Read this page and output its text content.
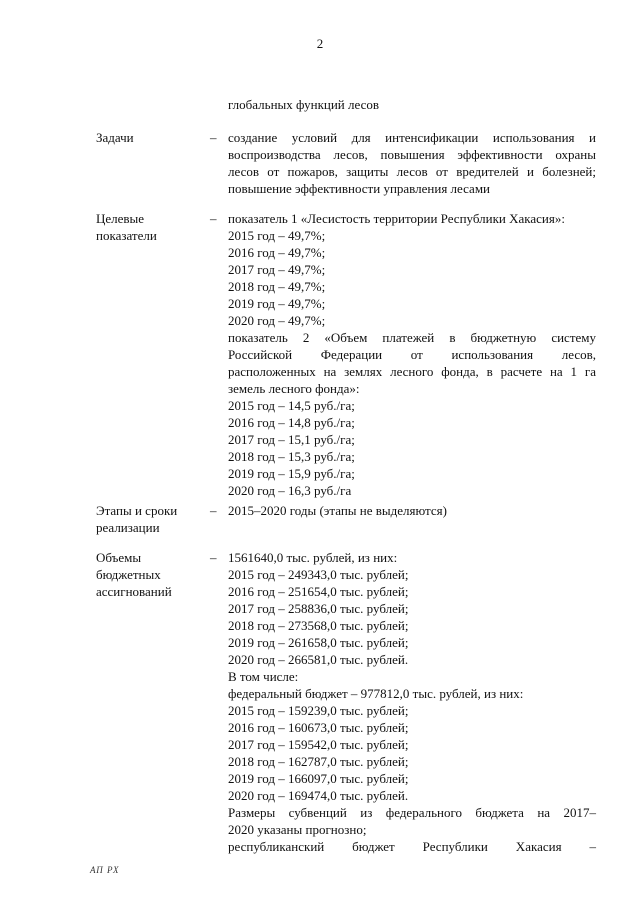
2
глобальных функций лесов
Задачи	– создание условий для интенсификации использования и
воспроизводства лесов, повышения эффективности охраны
лесов от пожаров, защиты лесов от вредителей и болезней;
повышение эффективности управления лесами
Целевые
показатели
– показатель 1 «Лесистость территории Республики Хакасия»:
2015 год – 49,7%;
2016 год – 49,7%;
2017 год – 49,7%;
2018 год – 49,7%;
2019 год – 49,7%;
2020 год – 49,7%;
показатель 2 «Объем платежей в бюджетную систему
Российской Федерации от использования лесов,
расположенных на землях лесного фонда, в расчете на 1 га
земель лесного фонда»:
2015 год – 14,5 руб./га;
2016 год – 14,8 руб./га;
2017 год – 15,1 руб./га;
2018 год – 15,3 руб./га;
2019 год – 15,9 руб./га;
2020 год – 16,3 руб./га
Этапы и сроки
реализации
– 2015–2020 годы (этапы не выделяются)
Объемы
бюджетных
ассигнований
– 1561640,0 тыс. рублей, из них:
2015 год – 249343,0 тыс. рублей;
2016 год – 251654,0 тыс. рублей;
2017 год – 258836,0 тыс. рублей;
2018 год – 273568,0 тыс. рублей;
2019 год – 261658,0 тыс. рублей;
2020 год – 266581,0 тыс. рублей.
В том числе:
федеральный бюджет – 977812,0 тыс. рублей, из них:
2015 год – 159239,0 тыс. рублей;
2016 год – 160673,0 тыс. рублей;
2017 год – 159542,0 тыс. рублей;
2018 год – 162787,0 тыс. рублей;
2019 год – 166097,0 тыс. рублей;
2020 год – 169474,0 тыс. рублей.
Размеры субвенций из федерального бюджета на 2017–
2020 указаны прогнозно;
республиканский бюджет Республики Хакасия –
АП РХ
